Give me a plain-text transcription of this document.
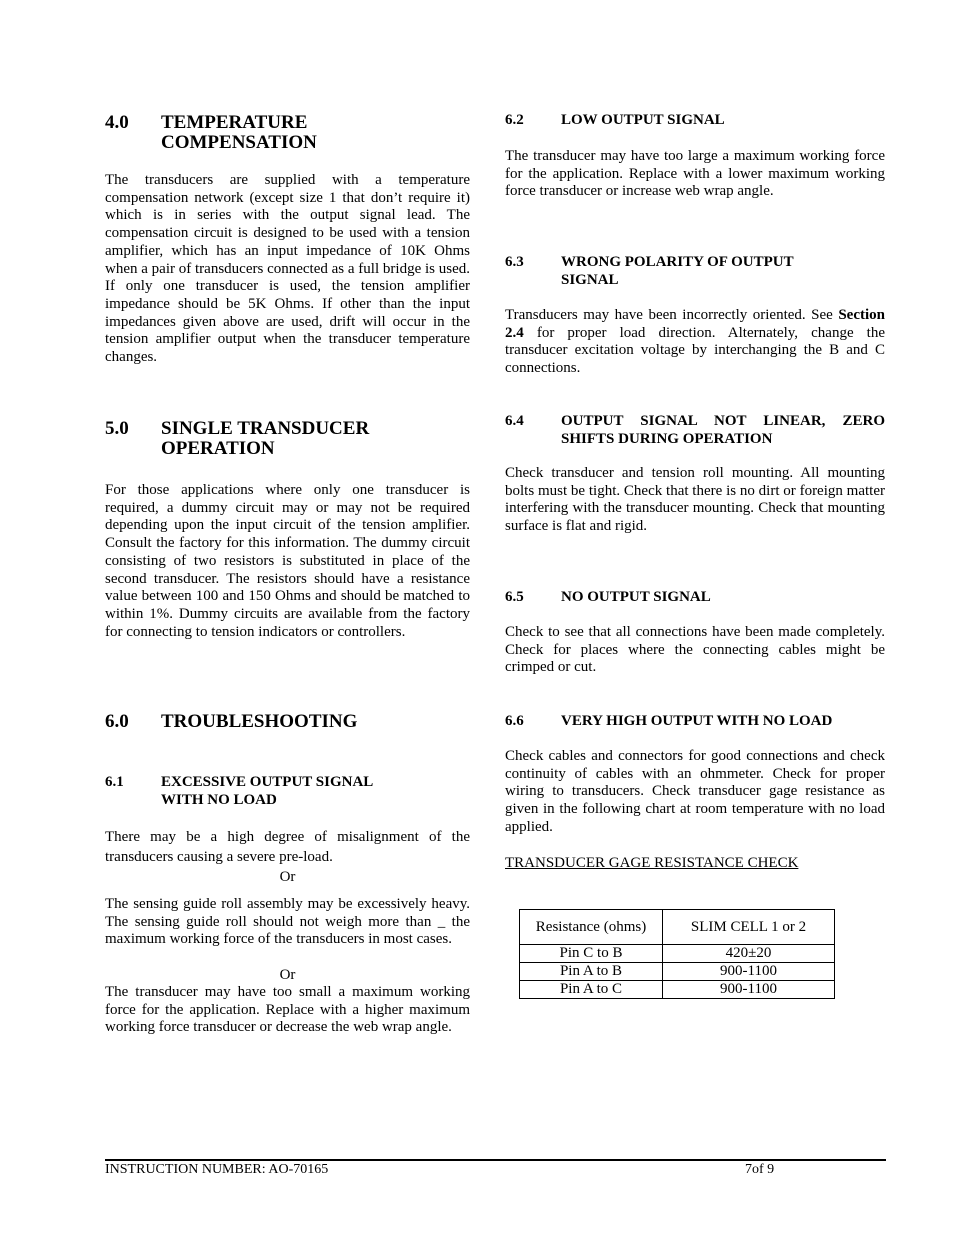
4.0	TEMPERATURE
COMPENSATION

The transducers are supplied with a temperature compensation network (except size 1 that don’t require it) which is in series with the output signal lead. The compensation circuit is designed to be used with a tension amplifier, which has an input impedance of 10K Ohms when a pair of transducers connected as a full bridge is used. If only one transducer is used, the tension amplifier impedance should be 5K Ohms. If other than the input impedances given above are used, drift will occur in the tension amplifier output when the transducer temperature changes.

5.0	SINGLE TRANSDUCER
OPERATION

For those applications where only one transducer is required, a dummy circuit may or may not be required depending upon the input circuit of the tension amplifier. Consult the factory for this information. The dummy circuit consisting of two resistors is substituted in place of the second transducer. The resistors should have a resistance value between 100 and 150 Ohms and should be matched to within 1%. Dummy circuits are available from the factory for connecting to tension indicators or controllers.

6.0	TROUBLESHOOTING
6.1	EXCESSIVE OUTPUT SIGNAL
WITH NO LOAD

There may be a high degree of misalignment of the transducers causing a severe pre-load.

Or

The sensing guide roll assembly may be excessively heavy. The sensing guide roll should not weigh more than _ the maximum working force of the transducers in most cases.

Or

The transducer may have too small a maximum working force for the application. Replace with a higher maximum working force transducer or decrease the web wrap angle.

6.2	LOW OUTPUT SIGNAL

The transducer may have too large a maximum working force for the application. Replace with a lower maximum working force transducer or increase web wrap angle.

6.3	WRONG POLARITY OF OUTPUT
SIGNAL

Transducers may have been incorrectly oriented. See Section 2.4 for proper load direction. Alternately, change the transducer excitation voltage by interchanging the B and C connections.

6.4	OUTPUT SIGNAL NOT LINEAR, ZERO
SHIFTS DURING OPERATION

Check transducer and tension roll mounting. All mounting bolts must be tight. Check that there is no dirt or foreign matter interfering with the transducer mounting. Check that mounting surface is flat and rigid.

6.5	NO OUTPUT SIGNAL

Check to see that all connections have been made completely. Check for places where the connecting cables might be crimped or cut.

6.6	VERY HIGH OUTPUT WITH NO LOAD

Check cables and connectors for good connections and check continuity of cables with an ohmmeter. Check for proper wiring to transducers. Check transducer gage resistance as given in the following chart at room temperature with no load applied.

TRANSDUCER GAGE RESISTANCE CHECK
Resistance (ohms)	SLIM CELL 1 or 2
Pin C to B	420±20
Pin A to B	900-1100
Pin A to C	900-1100
INSTRUCTION NUMBER: AO-70165	7of 9
